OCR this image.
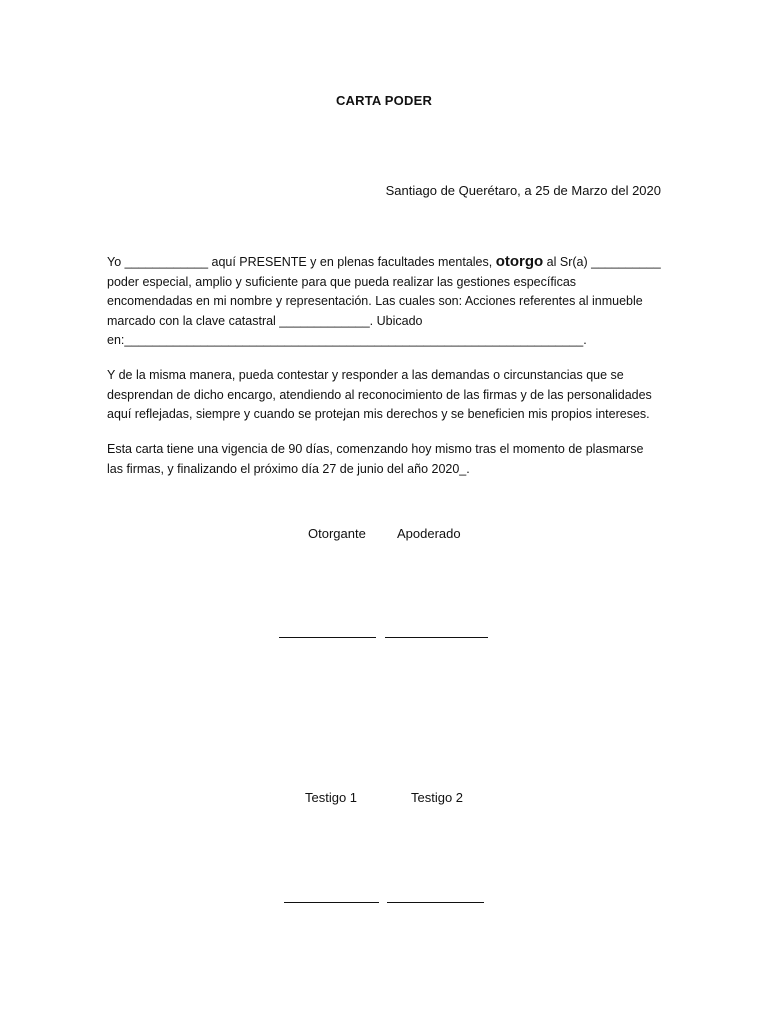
CARTA PODER
Santiago de Querétaro, a 25 de Marzo del 2020
Yo ____________ aquí PRESENTE y en plenas facultades mentales, otorgo al Sr(a) __________
poder especial, amplio y suficiente para que pueda realizar las gestiones específicas
encomendadas en mi nombre y representación. Las cuales son: Acciones referentes al inmueble
marcado con la clave catastral _____________. Ubicado
en:__________________________________________________________________.
Y de la misma manera, pueda contestar y responder a las demandas o circunstancias que se
desprendan de dicho encargo, atendiendo al reconocimiento de las firmas y de las personalidades
aquí reflejadas, siempre y cuando se protejan mis derechos y se beneficien mis propios intereses.
Esta carta tiene una vigencia de 90 días, comenzando hoy mismo tras el momento de plasmarse
las firmas, y finalizando el próximo día 27 de junio del año 2020_.
Otorgante Apoderado
Testigo 1	Testigo 2
